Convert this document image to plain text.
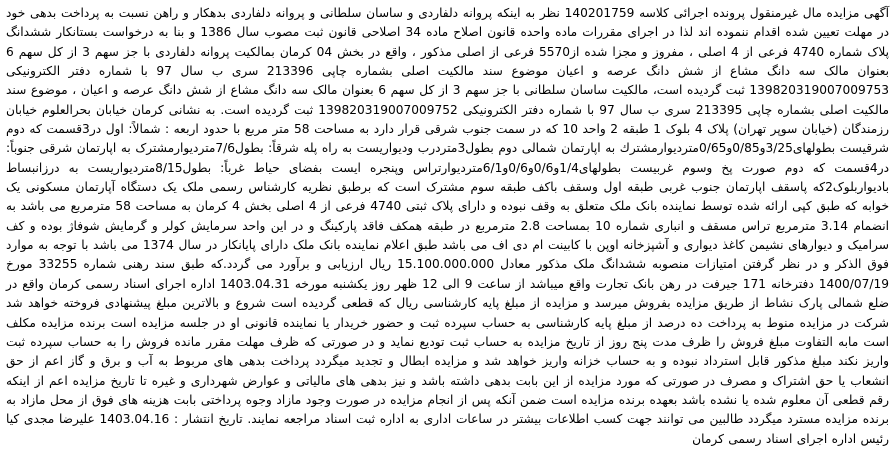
آگهی مزایده مال غیرمنقول پرونده اجرائی کلاسه 140201759 نظر به اینکه پروانه دلفاردی و ساسان سلطانی و پروانه دلفاردی بدهکار و راهن نسبت به پرداخت بدهی خود در مهلت تعیین شده اقدام ننموده اند لذا در اجرای مقررات ماده واحده قانون اصلاح ماده 34 اصلاحی قانون ثبت مصوب سال 1386 و بنا به درخواست بستانکار ششدانگ پلاک شماره 4740 فرعی از 4 اصلی ، مفروز و مجزا شده از5570 فرعی از اصلی مذکور ، واقع در بخش 04 کرمان بمالکیت پروانه دلفاردی با جز سهم 3 از کل سهم 6 بعنوان مالک سه دانگ مشاع از شش دانگ عرصه و اعیان موضوع سند مالکیت اصلی بشماره چاپی 213396 سری ب سال 97 با شماره دفتر الکترونیکی 139820319007009753 ثبت گردیده است، مالکیت ساسان سلطانی با جز سهم 3 از کل سهم 6 بعنوان مالک سه دانگ مشاع از شش دانگ عرصه و اعیان ، موضوع سند مالکیت اصلی بشماره چاپی 213395 سری ب سال 97 با شماره دفتر الکترونیکی 139820319007009752 ثبت گردیده است. به نشانی کرمان خیابان بحرالعلوم خیابان رزمندگان (خیابان سوپر تهران) پلاک 4 بلوک 1 طبقه 2 واحد 10 که در سمت جنوب شرقی قرار دارد به مساحت 58 متر مربع با حدود اربعه : شمالاً: اول در3قسمت که دوم شرقیست بطولهای3/25و0/85و0/65مترديوارمشترك به اپارتمان شمالی دوم بطول3متردرب وديواريست به راه پله شرقاً: بطول7/6متردیوارمشترک به اپارتمان شرقی جنوباً: در4قسمت که دوم صورت پخ وسوم غربیست بطولهای1/4و0/6و0/6و6/1متردیوارتراس وپنجره ایست بفضای حیاط غرباً: بطول8/15متردیواریست به درزانبساط بادیواربلوک2که پاسقف اپارتمان جنوب غربی طبقه اول وسقف باکف طبقه سوم مشترک است که برطبق نظریه کارشناس رسمی ملک یک دستگاه آپارتمان مسکونی یک خوابه که طبق کپی ارائه شده توسط نماینده بانک ملک متعلق به وقف نبوده و دارای پلاک ثبتی 4740 فرعی از 4 اصلی بخش 4 کرمان به مساحت 58 مترمربع می باشد به انضمام 3.14 مترمربع تراس مسقف و انباری شماره 10 بمساحت 2.8 مترمربع در طبقه همکف فاقد پارکینگ و در این واحد سرمایش کولر و گرمایش شوفاژ بوده و کف سرامیک و دیوارهای نشیمن کاغذ دیواری و آشپزخانه اوپن با کابینت ام دی اف می باشد طبق اعلام نماینده بانک ملک دارای پایانکار در سال 1374 می باشد با توجه به موارد فوق الذکر و در نظر گرفتن امتیازات منصوبه ششدانگ ملک مذکور معادل 15.100.000.000 ریال ارزیابی و برآورد می گردد.که طبق سند رهنی شماره 33255 مورخ 1400/07/19 دفترخانه 171 جیرفت در رهن بانک تجارت واقع میباشد از ساعت 9 الی 12 ظهر روز یکشنبه مورخه 1403.04.31 اداره اجرای اسناد رسمی کرمان واقع در ضلع شمالی پارک نشاط از طریق مزایده بفروش میرسد و مزایده از مبلغ پایه کارشناسی ریال که قطعی گردیده است شروع و بالاترین مبلغ پیشنهادی فروخته خواهد شد شرکت در مزایده منوط به پرداخت ده درصد از مبلغ پایه کارشناسی به حساب سپرده ثبت و حضور خریدار یا نماینده قانونی او در جلسه مزایده است برنده مزایده مکلف است مابه التفاوت مبلغ فروش را ظرف مدت پنج روز از تاریخ مزایده به حساب ثبت تودیع نماید و در صورتی که ظرف مهلت مقرر مانده فروش را به حساب سپرده ثبت واریز نکند مبلغ مذکور قابل استرداد نبوده و به حساب خزانه واریز خواهد شد و مزایده ابطال و تجدید میگردد پرداخت بدهی های مربوط به آب و برق و گاز اعم از حق انشعاب یا حق اشتراک و مصرف در صورتی که مورد مزایده از این بابت بدهی داشته باشد و نیز بدهی های مالیاتی و عوارض شهرداری و غیره تا تاریخ مزایده اعم از اینکه رقم قطعی آن معلوم شده یا نشده باشد بعهده برنده مزایده است ضمن آنکه پس از انجام مزایده در صورت وجود مازاد وجوه پرداختی بابت هزینه های فوق از محل مازاد به برنده مزایده مسترد میگردد طالبین می توانند جهت کسب اطلاعات بیشتر در ساعات اداری به اداره ثبت اسناد مراجعه نمایند. تاریخ انتشار : 1403.04.16 علیرضا مجدی کیا رئیس اداره اجرای اسناد رسمی کرمان
